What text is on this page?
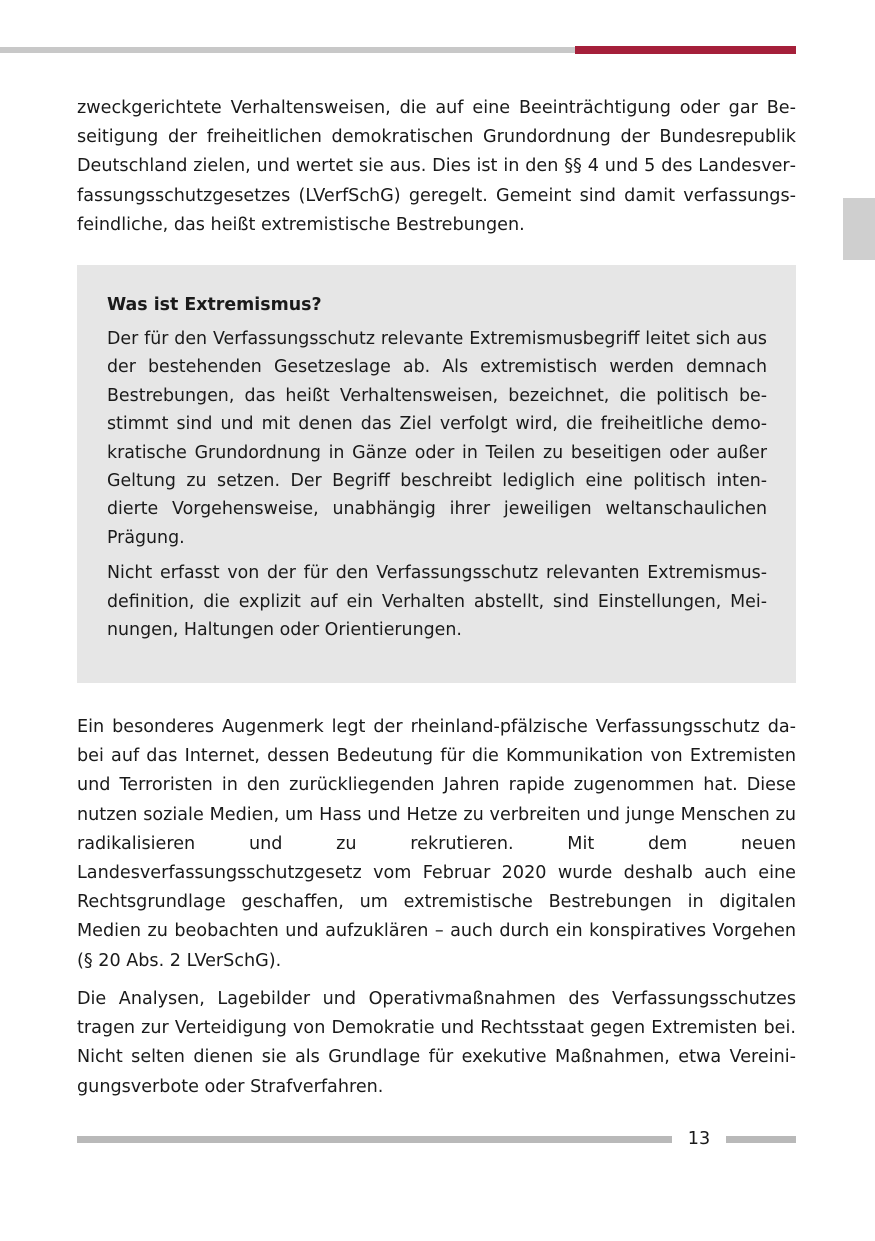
zweckgerichtete Verhaltensweisen, die auf eine Beeinträchtigung oder gar Beseitigung der freiheitlichen demokratischen Grundordnung der Bundesrepublik Deutschland zielen, und wertet sie aus. Dies ist in den §§ 4 und 5 des Landesverfassungsschutzgesetzes (LVerfSchG) geregelt. Gemeint sind damit verfassungsfeindliche, das heißt extremistische Bestrebungen.

Was ist Extremismus?

Der für den Verfassungsschutz relevante Extremismusbegriff leitet sich aus der bestehenden Gesetzeslage ab. Als extremistisch werden demnach Bestrebungen, das heißt Verhaltensweisen, bezeichnet, die politisch bestimmt sind und mit denen das Ziel verfolgt wird, die freiheitliche demokratische Grundordnung in Gänze oder in Teilen zu beseitigen oder außer Geltung zu setzen. Der Begriff beschreibt lediglich eine politisch intendierte Vorgehensweise, unabhängig ihrer jeweiligen weltanschaulichen Prägung.

Nicht erfasst von der für den Verfassungsschutz relevanten Extremismusdefinition, die explizit auf ein Verhalten abstellt, sind Einstellungen, Meinungen, Haltungen oder Orientierungen.

Ein besonderes Augenmerk legt der rheinland-pfälzische Verfassungsschutz dabei auf das Internet, dessen Bedeutung für die Kommunikation von Extremisten und Terroristen in den zurückliegenden Jahren rapide zugenommen hat. Diese nutzen soziale Medien, um Hass und Hetze zu verbreiten und junge Menschen zu radikalisieren und zu rekrutieren. Mit dem neuen Landesverfassungsschutzgesetz vom Februar 2020 wurde deshalb auch eine Rechtsgrundlage geschaffen, um extremistische Bestrebungen in digitalen Medien zu beobachten und aufzuklären – auch durch ein konspiratives Vorgehen (§ 20 Abs. 2 LVerSchG).

Die Analysen, Lagebilder und Operativmaßnahmen des Verfassungsschutzes tragen zur Verteidigung von Demokratie und Rechtsstaat gegen Extremisten bei. Nicht selten dienen sie als Grundlage für exekutive Maßnahmen, etwa Vereinigungsverbote oder Strafverfahren.

13
